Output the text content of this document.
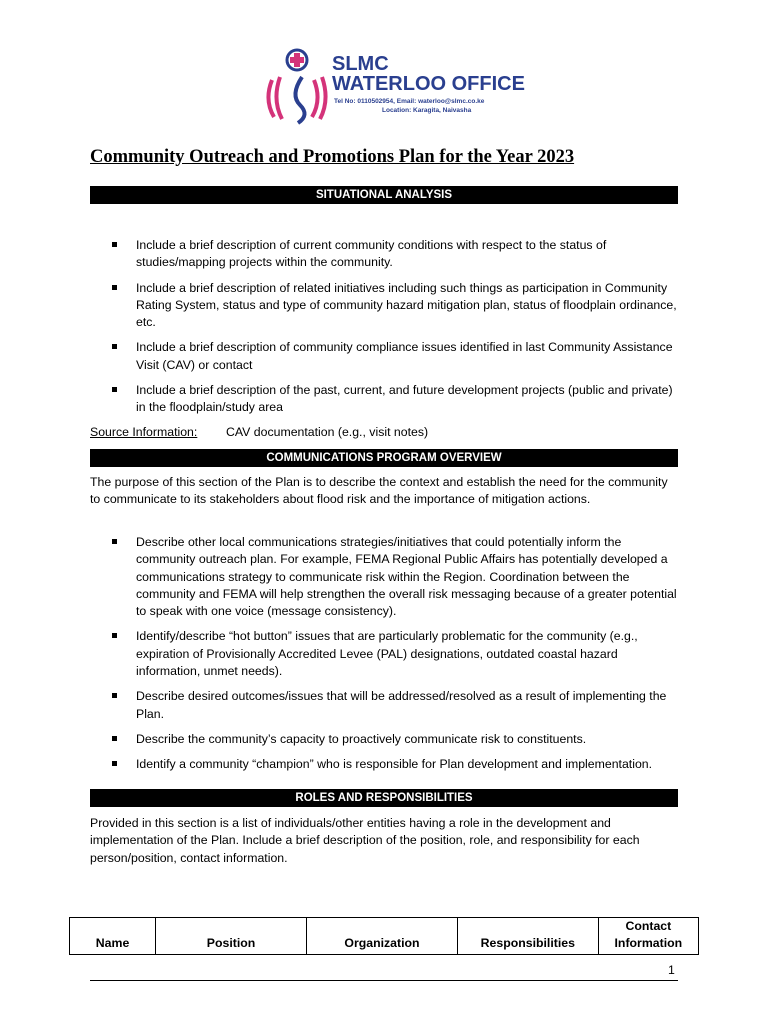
SLMC
WATERLOO OFFICE
Tel No: 0110502954, Email: waterloo@slmc.co.ke
Location: Karagita, Naivasha
Community Outreach and Promotions Plan for the Year 2023
SITUATIONAL ANALYSIS
Include a brief description of current community conditions with respect to the status of studies/mapping projects within the community.
Include a brief description of related initiatives including such things as participation in Community Rating System, status and type of community hazard mitigation plan, status of floodplain ordinance, etc.
Include a brief description of community compliance issues identified in last Community Assistance Visit (CAV) or contact
Include a brief description of the past, current, and future development projects (public and private) in the floodplain/study area
Source Information: CAV documentation (e.g., visit notes)
COMMUNICATIONS PROGRAM OVERVIEW
The purpose of this section of the Plan is to describe the context and establish the need for the community to communicate to its stakeholders about flood risk and the importance of mitigation actions.
Describe other local communications strategies/initiatives that could potentially inform the community outreach plan. For example, FEMA Regional Public Affairs has potentially developed a communications strategy to communicate risk within the Region. Coordination between the community and FEMA will help strengthen the overall risk messaging because of a greater potential to speak with one voice (message consistency).
Identify/describe “hot button” issues that are particularly problematic for the community (e.g., expiration of Provisionally Accredited Levee (PAL) designations, outdated coastal hazard information, unmet needs).
Describe desired outcomes/issues that will be addressed/resolved as a result of implementing the Plan.
Describe the community’s capacity to proactively communicate risk to constituents.
Identify a community “champion” who is responsible for Plan development and implementation.
ROLES AND RESPONSIBILITIES
Provided in this section is a list of individuals/other entities having a role in the development and implementation of the Plan. Include a brief description of the position, role, and responsibility for each person/position, contact information.
Name	Position	Organization	Responsibilities	Contact Information
1
